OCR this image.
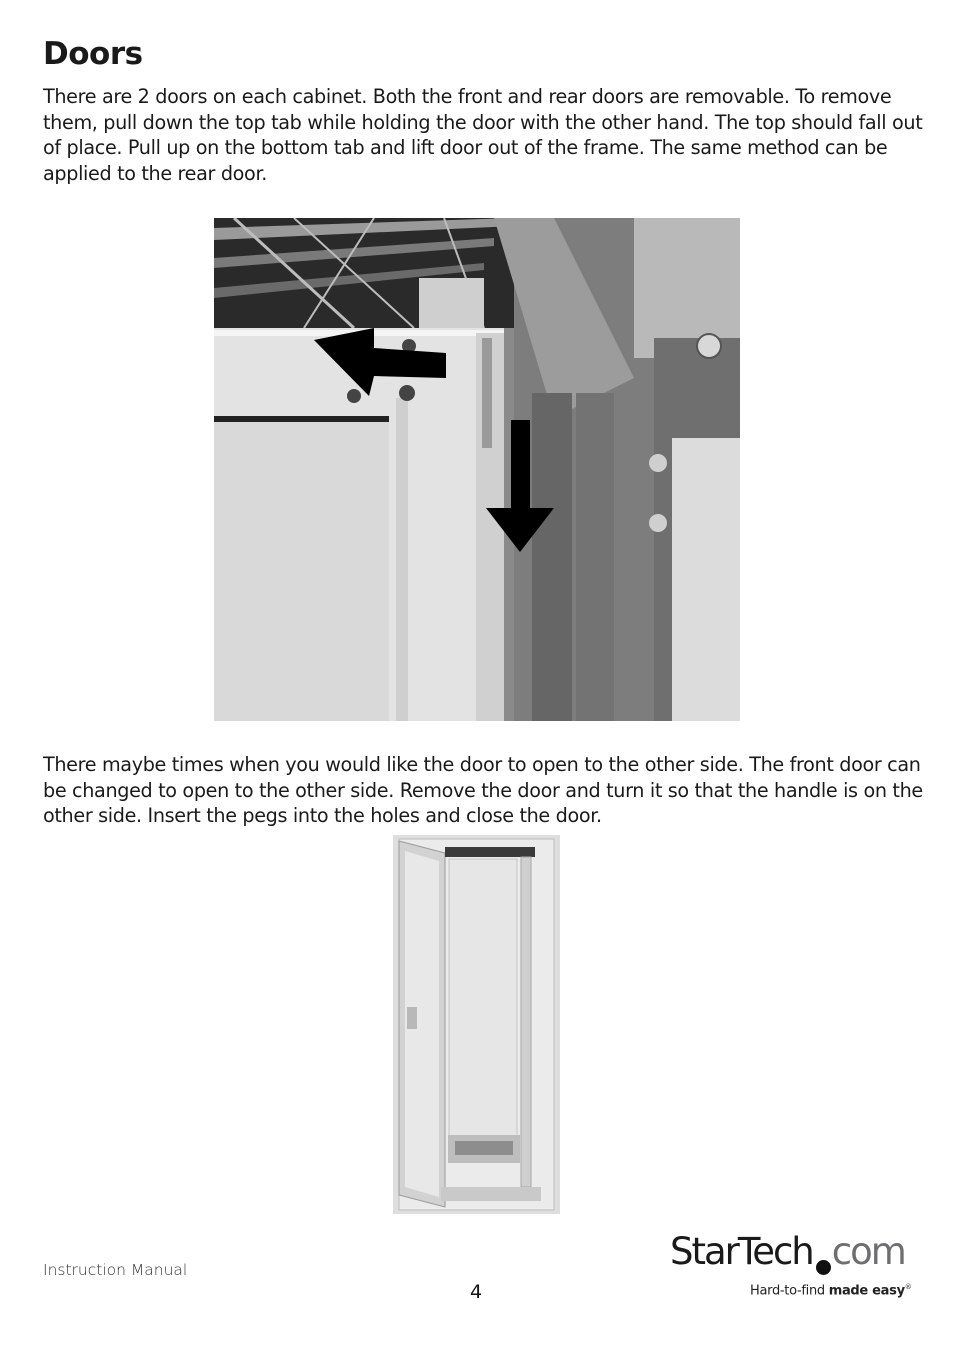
Doors

There are 2 doors on each cabinet. Both the front and rear doors are removable. To remove them, pull down the top tab while holding the door with the other hand. The top should fall out of place. Pull up on the bottom tab and lift door out of the frame. The same method can be applied to the rear door.

There maybe times when you would like the door to open to the other side. The front door can be changed to open to the other side. Remove the door and turn it so that the handle is on the other side. Insert the pegs into the holes and close the door.

Instruction Manual
4
StarTech com
Hard-to-find made easy®
